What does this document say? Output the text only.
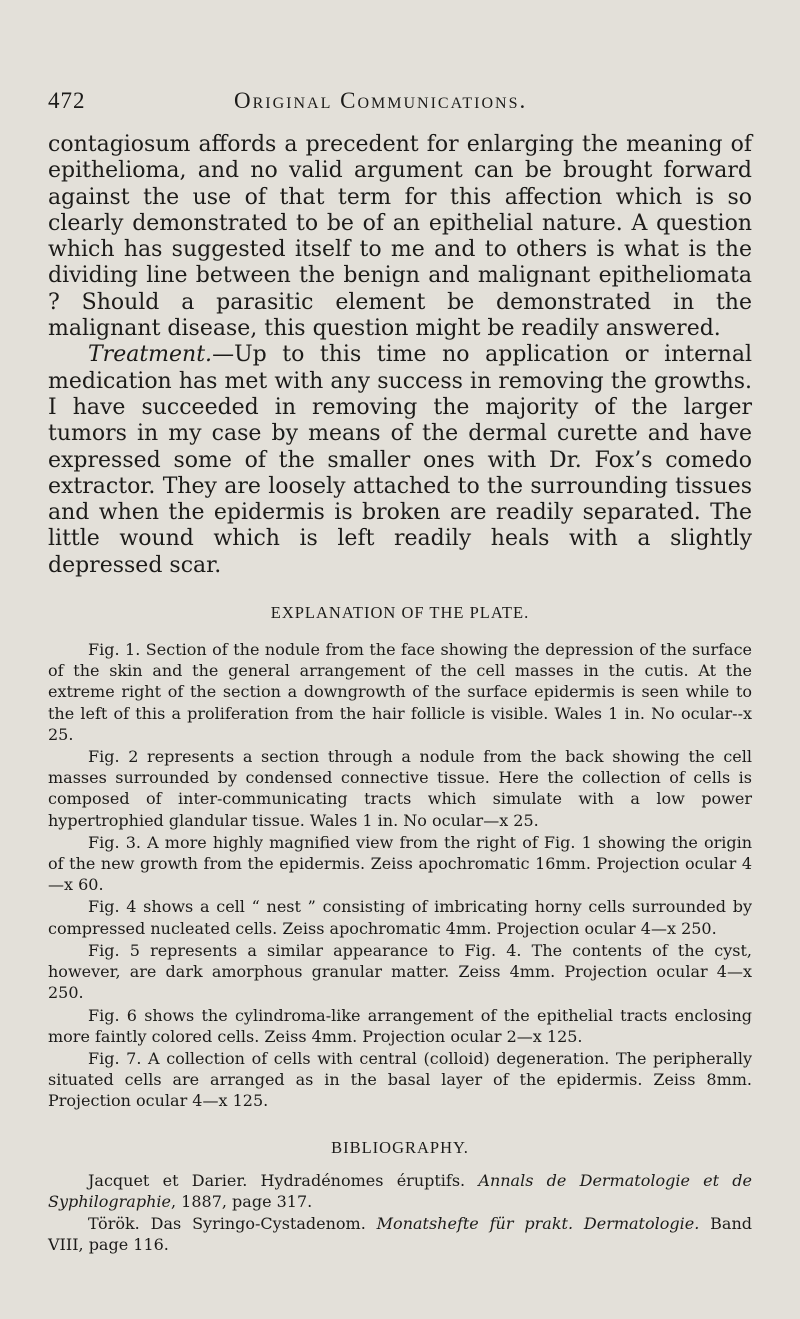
472	Original Communications.

contagiosum affords a precedent for enlarging the meaning of epithelioma, and no valid argument can be brought forward against the use of that term for this affection which is so clearly demonstrated to be of an epithelial nature. A question which has suggested itself to me and to others is what is the dividing line between the benign and malignant epitheliomata ? Should a parasitic element be demonstrated in the malignant disease, this question might be readily answered.

Treatment.—Up to this time no application or internal medication has met with any success in removing the growths. I have succeeded in removing the majority of the larger tumors in my case by means of the dermal curette and have expressed some of the smaller ones with Dr. Fox’s comedo extractor. They are loosely attached to the surrounding tissues and when the epidermis is broken are readily separated. The little wound which is left readily heals with a slightly depressed scar.

EXPLANATION OF THE PLATE.

Fig. 1. Section of the nodule from the face showing the depression of the surface of the skin and the general arrangement of the cell masses in the cutis. At the extreme right of the section a downgrowth of the surface epidermis is seen while to the left of this a proliferation from the hair follicle is visible. Wales 1 in. No ocular--x 25.

Fig. 2 represents a section through a nodule from the back showing the cell masses surrounded by condensed connective tissue. Here the collection of cells is composed of inter-communicating tracts which simulate with a low power hypertrophied glandular tissue. Wales 1 in. No ocular—x 25.

Fig. 3. A more highly magnified view from the right of Fig. 1 showing the origin of the new growth from the epidermis. Zeiss apochromatic 16mm. Projection ocular 4—x 60.

Fig. 4 shows a cell “ nest ” consisting of imbricating horny cells surrounded by compressed nucleated cells. Zeiss apochromatic 4mm. Projection ocular 4—x 250.

Fig. 5 represents a similar appearance to Fig. 4. The contents of the cyst, however, are dark amorphous granular matter. Zeiss 4mm. Projection ocular 4—x 250.

Fig. 6 shows the cylindroma-like arrangement of the epithelial tracts enclosing more faintly colored cells. Zeiss 4mm. Projection ocular 2—x 125.

Fig. 7. A collection of cells with central (colloid) degeneration. The peripherally situated cells are arranged as in the basal layer of the epidermis. Zeiss 8mm. Projection ocular 4—x 125.

BIBLIOGRAPHY.

Jacquet et Darier. Hydradénomes éruptifs. Annals de Dermatologie et de Syphilographie, 1887, page 317.

Török. Das Syringo-Cystadenom. Monatshefte für prakt. Dermatologie. Band VIII, page 116.
